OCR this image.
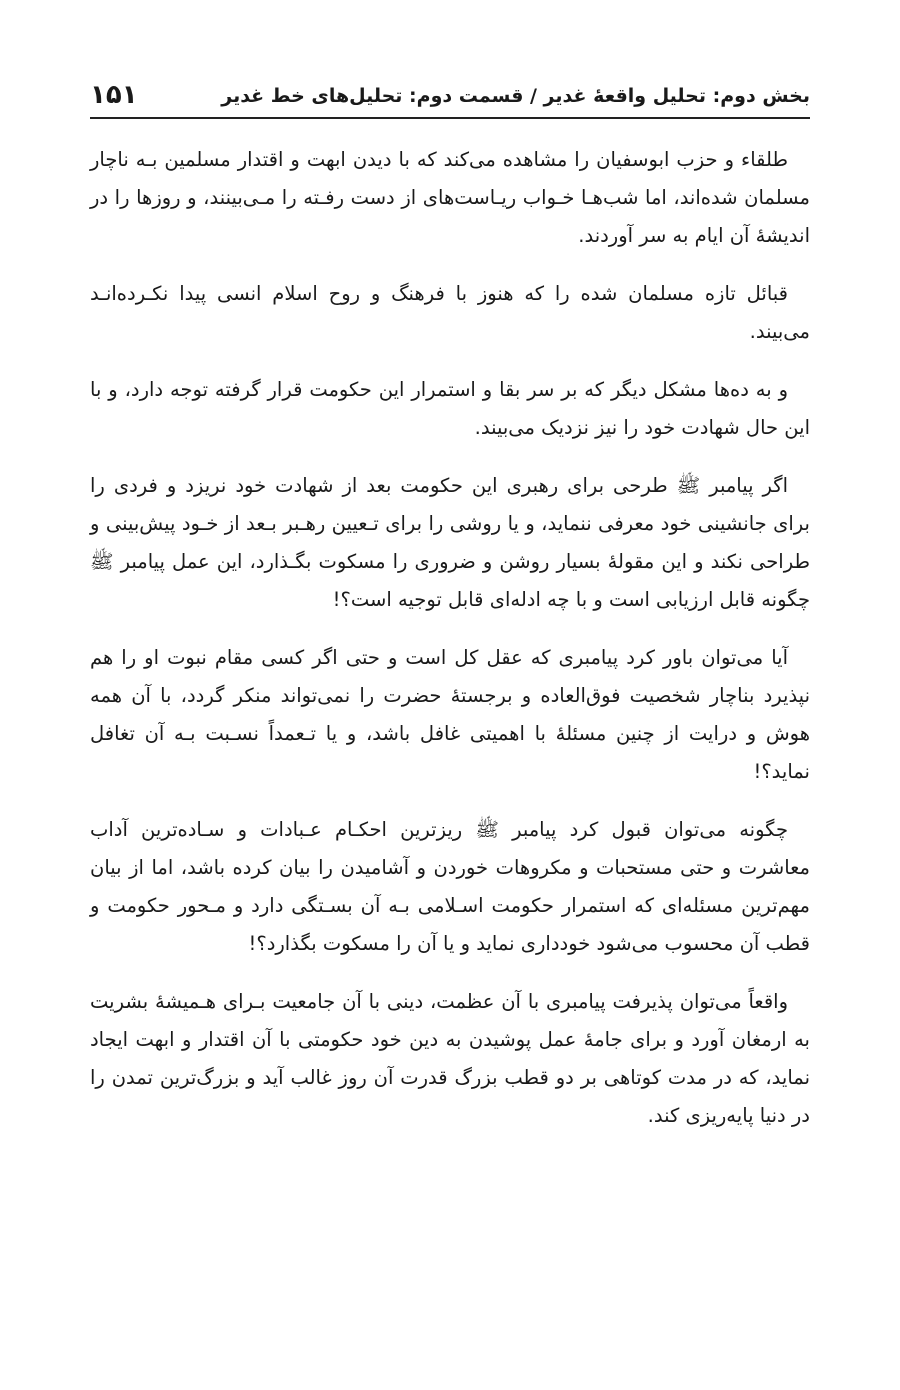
بخش دوم: تحلیل واقعهٔ غدیر / قسمت دوم: تحلیل‌های خط غدیر
۱۵۱

طلقاء و حزب ابوسفیان را مشاهده می‌کند که با دیدن ابهت و اقتدار مسلمین بـه ناچار مسلمان شده‌اند، اما شب‌هـا خـواب ریـاست‌های از دست رفـته را مـی‌بینند، و روزها را در اندیشهٔ آن ایام به سر آوردند.

قبائل تازه مسلمان شده را که هنوز با فرهنگ و روح اسلام انسی پیدا نکـرده‌انـد می‌بیند.

و به ده‌ها مشکل دیگر که بر سر بقا و استمرار این حکومت قرار گرفته توجه دارد، و با این حال شهادت خود را نیز نزدیک می‌بیند.

اگر پیامبر ﷺ طرحی برای رهبری این حکومت بعد از شهادت خود نریزد و فردی را برای جانشینی خود معرفی ننماید، و یا روشی را برای تـعیین رهـبر بـعد از خـود پیش‌بینی و طراحی نکند و این مقولهٔ بسیار روشن و ضروری را مسکوت بگـذارد، این عمل پیامبر ﷺ چگونه قابل ارزیابی است و با چه ادله‌ای قابل توجیه است؟!

آیا می‌توان باور کرد پیامبری که عقل کل است و حتی اگر کسی مقام نبوت او را هم نپذیرد بناچار شخصیت فوق‌العاده و برجستهٔ حضرت را نمی‌تواند منکر گردد، با آن همه هوش و درایت از چنین مسئلهٔ با اهمیتی غافل باشد، و یا تـعمداً نسـبت بـه آن تغافل نماید؟!

چگونه می‌توان قبول کرد پیامبر ﷺ ریزترین احکـام عـبادات و سـاده‌ترین آداب معاشرت و حتی مستحبات و مکروهات خوردن و آشامیدن را بیان کرده باشد، اما از بیان مهم‌ترین مسئله‌ای که استمرار حکومت اسـلامی بـه آن بسـتگی دارد و مـحور حکومت و قطب آن محسوب می‌شود خودداری نماید و یا آن را مسکوت بگذارد؟!

واقعاً می‌توان پذیرفت پیامبری با آن عظمت، دینی با آن جامعیت بـرای هـمیشهٔ بشریت به ارمغان آورد و برای جامهٔ عمل پوشیدن به دین خود حکومتی با آن اقتدار و ابهت ایجاد نماید، که در مدت کوتاهی بر دو قطب بزرگ قدرت آن روز غالب آید و بزرگ‌ترین تمدن را در دنیا پایه‌ریزی کند.
